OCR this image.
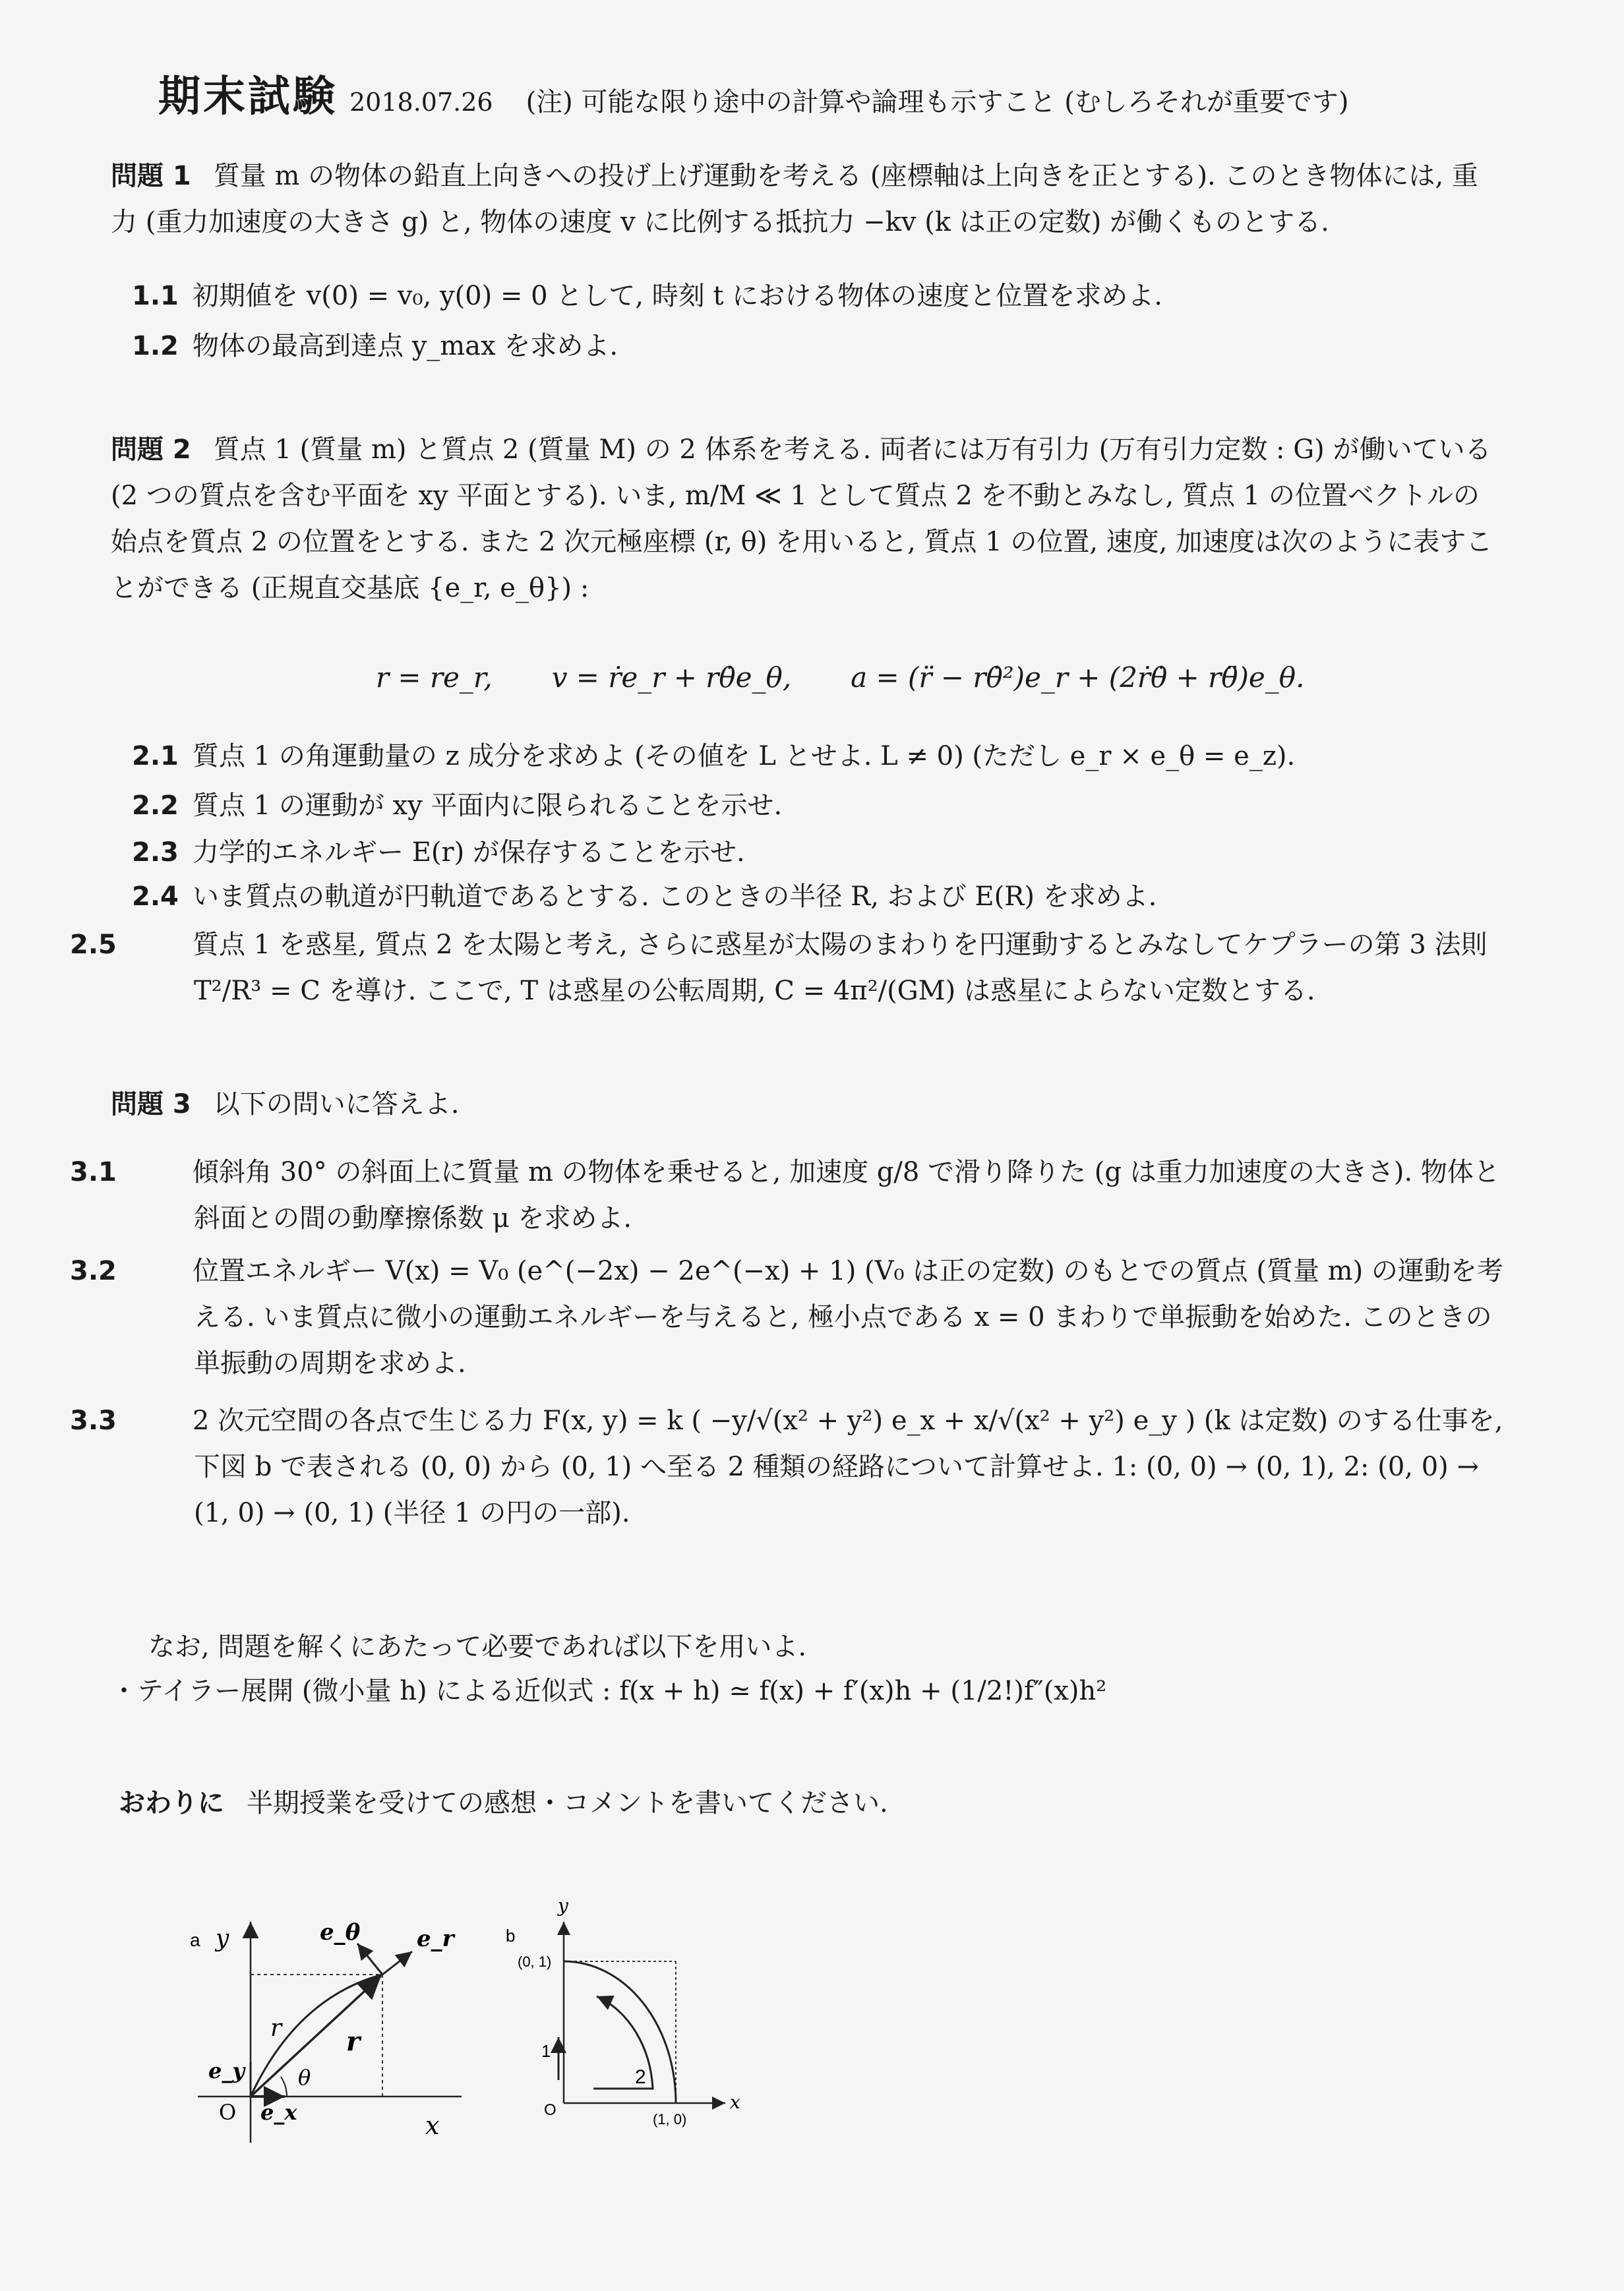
期末試験 2018.07.26 (注) 可能な限り途中の計算や論理も示すこと (むしろそれが重要です)
問題 1 質量 m の物体の鉛直上向きへの投げ上げ運動を考える (座標軸は上向きを正とする). このとき物体には, 重力 (重力加速度の大きさ g) と, 物体の速度 v に比例する抵抗力 −kv (k は正の定数) が働くものとする.
1.1 初期値を v(0) = v₀, y(0) = 0 として, 時刻 t における物体の速度と位置を求めよ.
1.2 物体の最高到達点 y_max を求めよ.
問題 2 質点 1 (質量 m) と質点 2 (質量 M) の 2 体系を考える. 両者には万有引力 (万有引力定数 : G) が働いている (2 つの質点を含む平面を xy 平面とする). いま, m/M ≪ 1 として質点 2 を不動とみなし, 質点 1 の位置ベクトルの始点を質点 2 の位置をとする. また 2 次元極座標 (r, θ) を用いると, 質点 1 の位置, 速度, 加速度は次のように表すことができる (正規直交基底 {e_r, e_θ}) :
r = re_r, v = ṙe_r + rθ̇e_θ, a = (r̈ − rθ̇²)e_r + (2ṙθ̇ + rθ̈)e_θ.
2.1 質点 1 の角運動量の z 成分を求めよ (その値を L とせよ. L ≠ 0) (ただし e_r × e_θ = e_z).
2.2 質点 1 の運動が xy 平面内に限られることを示せ.
2.3 力学的エネルギー E(r) が保存することを示せ.
2.4 いま質点の軌道が円軌道であるとする. このときの半径 R, および E(R) を求めよ.
2.5	質点 1 を惑星, 質点 2 を太陽と考え, さらに惑星が太陽のまわりを円運動するとみなしてケプラーの第 3 法則 T²/R³ = C を導け. ここで, T は惑星の公転周期, C = 4π²/(GM) は惑星によらない定数とする.
問題 3 以下の問いに答えよ.
3.1	傾斜角 30° の斜面上に質量 m の物体を乗せると, 加速度 g/8 で滑り降りた (g は重力加速度の大きさ). 物体と斜面との間の動摩擦係数 μ を求めよ.
3.2	位置エネルギー V(x) = V₀ (e^(−2x) − 2e^(−x) + 1) (V₀ は正の定数) のもとでの質点 (質量 m) の運動を考える. いま質点に微小の運動エネルギーを与えると, 極小点である x = 0 まわりで単振動を始めた. このときの単振動の周期を求めよ.
3.3	2 次元空間の各点で生じる力 F(x, y) = k ( −y/√(x² + y²) e_x + x/√(x² + y²) e_y ) (k は定数) のする仕事を, 下図 b で表される (0, 0) から (0, 1) へ至る 2 種類の経路について計算せよ. 1: (0, 0) → (0, 1), 2: (0, 0) → (1, 0) → (0, 1) (半径 1 の円の一部).
なお, 問題を解くにあたって必要であれば以下を用いよ.
・テイラー展開 (微小量 h) による近似式 : f(x + h) ≃ f(x) + f′(x)h + (1/2!)f″(x)h²
おわりに 半期授業を受けての感想・コメントを書いてください.
a y
x
O
e_θ	e_r
e_y
e_x
r r
θ
b
y
x
O
(0, 1)
(1, 0)
1
2
